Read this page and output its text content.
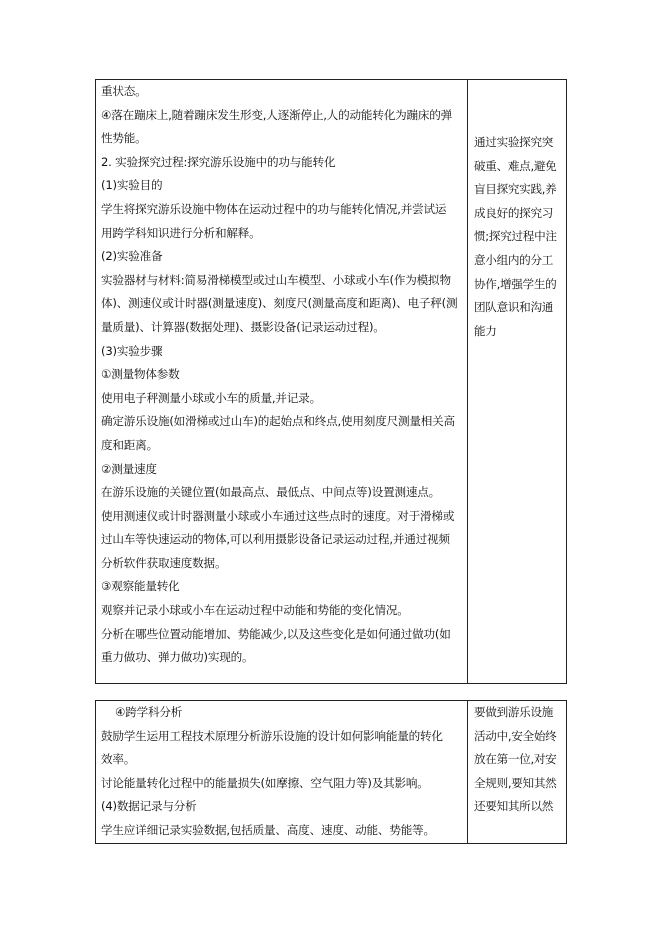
重状态。
④落在蹦床上,随着蹦床发生形变,人逐渐停止,人的动能转化为蹦床的弹
性势能。
2. 实验探究过程:探究游乐设施中的功与能转化
(1)实验目的
学生将探究游乐设施中物体在运动过程中的功与能转化情况,并尝试运
用跨学科知识进行分析和解释。
(2)实验准备
实验器材与材料:简易滑梯模型或过山车模型、小球或小车(作为模拟物
体)、测速仪或计时器(测量速度)、刻度尺(测量高度和距离)、电子秤(测
量质量)、计算器(数据处理)、摄影设备(记录运动过程)。
(3)实验步骤
①测量物体参数
使用电子秤测量小球或小车的质量,并记录。
确定游乐设施(如滑梯或过山车)的起始点和终点,使用刻度尺测量相关高
度和距离。
②测量速度
在游乐设施的关键位置(如最高点、最低点、中间点等)设置测速点。
使用测速仪或计时器测量小球或小车通过这些点时的速度。对于滑梯或
过山车等快速运动的物体,可以利用摄影设备记录运动过程,并通过视频
分析软件获取速度数据。
③观察能量转化
观察并记录小球或小车在运动过程中动能和势能的变化情况。
分析在哪些位置动能增加、势能减少,以及这些变化是如何通过做功(如
重力做功、弹力做功)实现的。
通过实验探究突
破重、难点,避免
盲目探究实践,养
成良好的探究习
惯;探究过程中注
意小组内的分工
协作,增强学生的
团队意识和沟通
能力
④跨学科分析
鼓励学生运用工程技术原理分析游乐设施的设计如何影响能量的转化
效率。
讨论能量转化过程中的能量损失(如摩擦、空气阻力等)及其影响。
(4)数据记录与分析
学生应详细记录实验数据,包括质量、高度、速度、动能、势能等。
要做到游乐设施
活动中,安全始终
放在第一位,对安
全规则,要知其然
还要知其所以然
